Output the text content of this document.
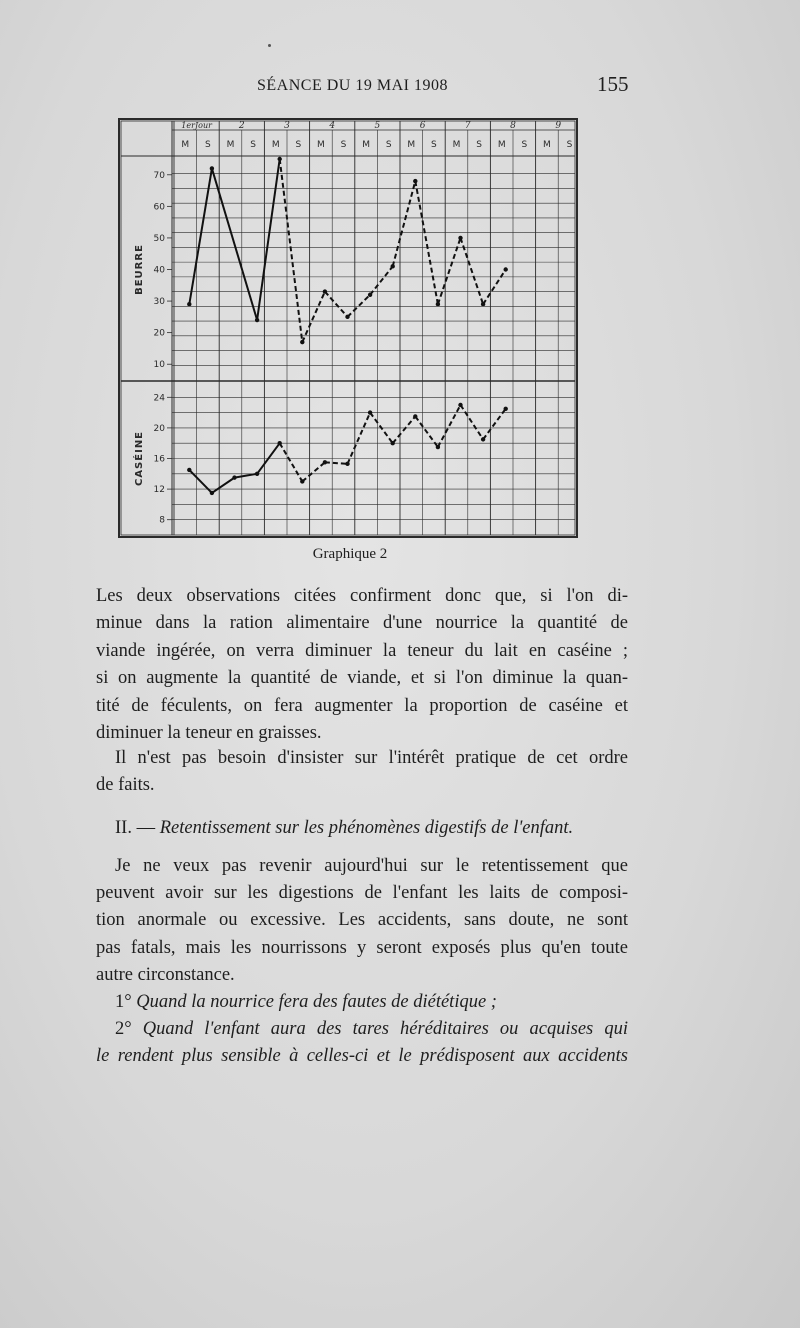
SÉANCE DU 19 MAI 1908	155
1erJour	2	3	4	5	6	7	8	9
M S M S M S M S M S M S M S M S M S
70
60
50
40
30
20
10
BEURRE
24
20
16
12
8
CASÉINE
Graphique 2
Les deux observations citées confirment donc que, si l'on di-
minue dans la ration alimentaire d'une nourrice la quantité de
viande ingérée, on verra diminuer la teneur du lait en caséine ;
si on augmente la quantité de viande, et si l'on diminue la quan-
tité de féculents, on fera augmenter la proportion de caséine et
diminuer la teneur en graisses.
Il n'est pas besoin d'insister sur l'intérêt pratique de cet ordre
de faits.
II. — Retentissement sur les phénomènes digestifs de l'enfant.
Je ne veux pas revenir aujourd'hui sur le retentissement que
peuvent avoir sur les digestions de l'enfant les laits de composi-
tion anormale ou excessive. Les accidents, sans doute, ne sont
pas fatals, mais les nourrissons y seront exposés plus qu'en toute
autre circonstance.
1° Quand la nourrice fera des fautes de diététique ;
2° Quand l'enfant aura des tares héréditaires ou acquises qui
le rendent plus sensible à celles-ci et le prédisposent aux accidents
